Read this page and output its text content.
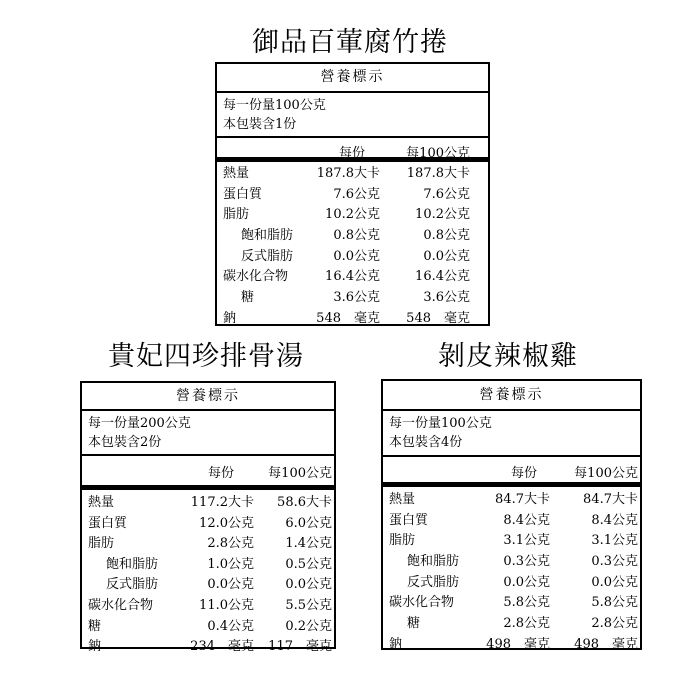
御品百葷腐竹捲
貴妃四珍排骨湯	剝皮辣椒雞
營養標示
每一份量100公克
本包裝含1份
每份	每100公克
熱量	187.8大卡 187.8大卡
蛋白質	7.6公克	7.6公克
脂肪	10.2公克	10.2公克
飽和脂肪	0.8公克	0.8公克
反式脂肪	0.0公克	0.0公克
碳水化合物	16.4公克	16.4公克
糖	3.6公克	3.6公克
鈉	548　毫克 548　毫克
營養標示
每一份量200公克
本包裝含2份
每份	每100公克
熱量	117.2大卡 58.6大卡
蛋白質	12.0公克 6.0公克
脂肪	2.8公克 1.4公克
飽和脂肪	1.0公克 0.5公克
反式脂肪	0.0公克 0.0公克
碳水化合物	11.0公克 5.5公克
糖	0.4公克 0.2公克
鈉	234　毫克 117　毫克
營養標示
每一份量100公克
本包裝含4份
每份	每100公克
熱量	84.7大卡	84.7大卡
蛋白質	8.4公克	8.4公克
脂肪	3.1公克	3.1公克
飽和脂肪	0.3公克	0.3公克
反式脂肪	0.0公克	0.0公克
碳水化合物	5.8公克	5.8公克
糖	2.8公克	2.8公克
鈉	498　毫克 498　毫克
